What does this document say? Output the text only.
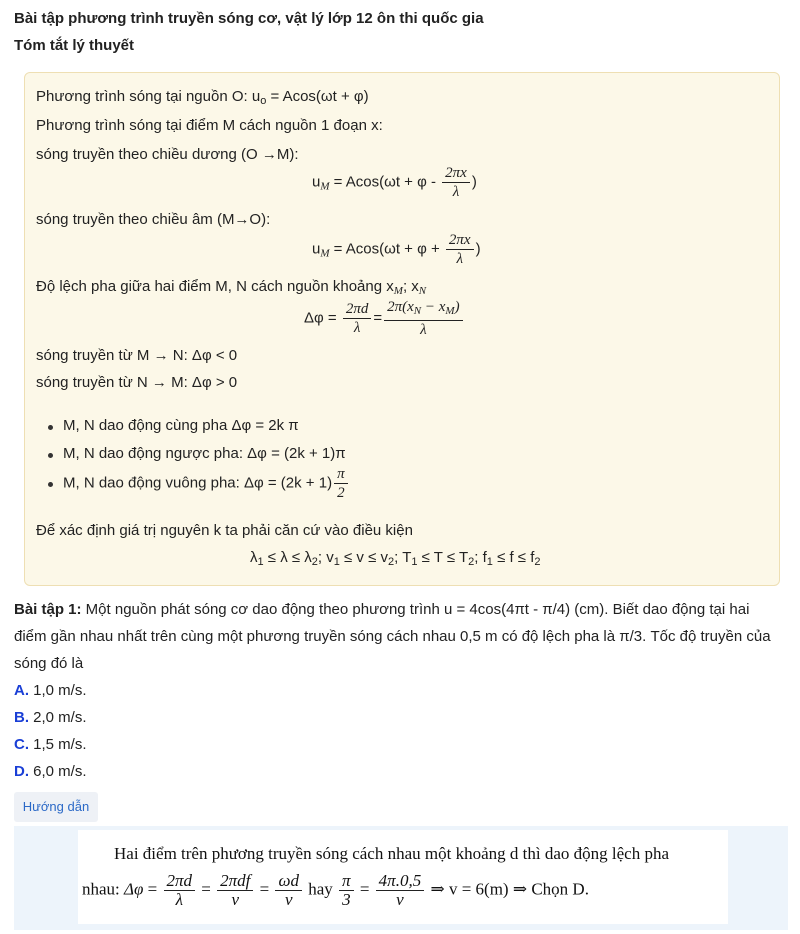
Bài tập phương trình truyền sóng cơ, vật lý lớp 12 ôn thi quốc gia
Tóm tắt lý thuyết
Phương trình sóng tại nguồn O: $u_o = Acos(\omega t + \varphi)$
Phương trình sóng tại điểm M cách nguồn 1 đoạn x:
sóng truyền theo chiều dương (O →M):
$u_M = Acos(\omega t + \varphi - \frac{2\pi x}{\lambda}$ )
sóng truyền theo chiều âm (M→O):
$u_M = Acos(\omega t + \varphi + \frac{2\pi x}{\lambda}$ )
Độ lệch pha giữa hai điểm M, N cách nguồn khoảng $x_M$; $x_N$
$\Delta\varphi = \frac{2\pi d}{\lambda} = \frac{2\pi(x_N - x_M)}{\lambda}$
sóng truyền từ M → N: Δφ < 0
sóng truyền từ N → M: Δφ > 0
M, N dao động cùng pha Δφ = 2k π
M, N dao động ngược pha: Δφ = (2k + 1)π
M, N dao động vuông pha: $\Delta\varphi = (2k + 1) \frac{\pi}{2}$
Để xác định giá trị nguyên k ta phải căn cứ vào điều kiện
$\lambda_1 \le \lambda \le \lambda_2$; $v_1 \le v \le v_2$; $T_1 \le T \le T_2$; $f_1 \le f \le f_2$
Bài tập 1: Một nguồn phát sóng cơ dao động theo phương trình u = 4cos(4πt - π/4) (cm). Biết dao động tại hai
điểm gần nhau nhất trên cùng một phương truyền sóng cách nhau 0,5 m có độ lệch pha là π/3. Tốc độ truyền của
sóng đó là
A. 1,0 m/s.
B. 2,0 m/s.
C. 1,5 m/s.
D. 6,0 m/s.
Hướng dẫn
Hai điểm trên phương truyền sóng cách nhau một khoảng d thì dao động lệch pha
nhau: $\Delta\varphi = \frac{2\pi d}{\lambda} = \frac{\text{2πdf}}{v} = \frac{\omega d}{v}$ hay $\frac{\pi}{3} = \frac{4\pi.0,5}{v}$ ⇒ v = 6(m) ⇒ Chọn D.
